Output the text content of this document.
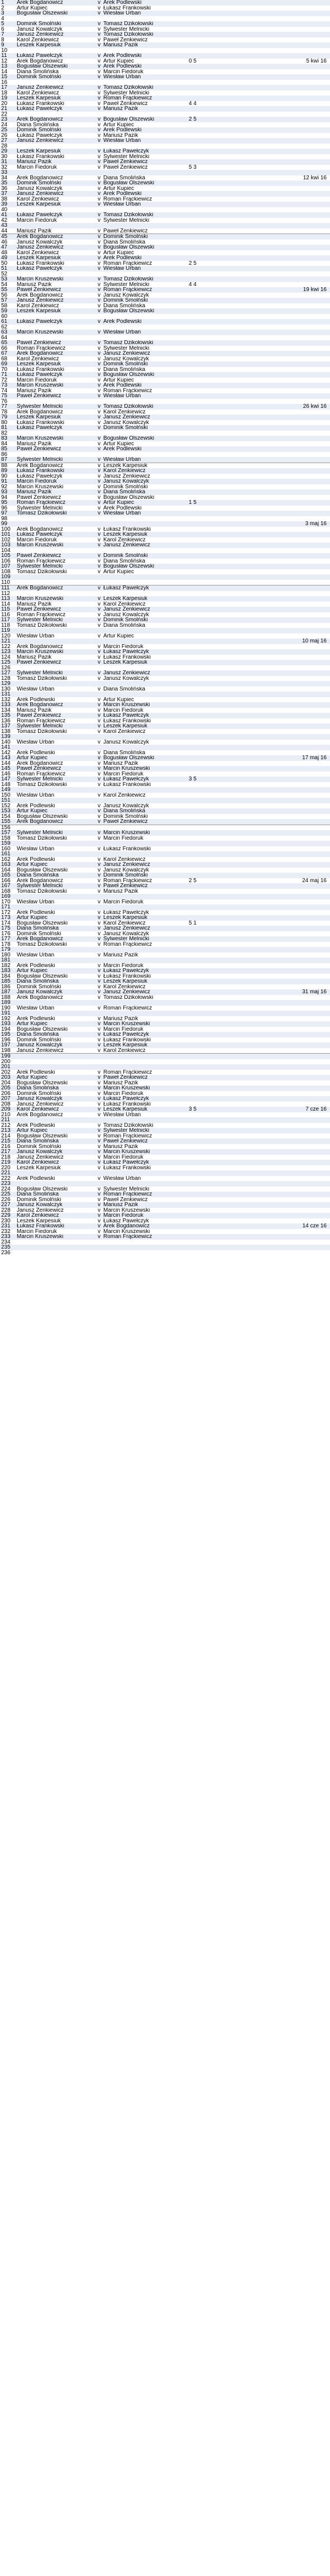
1	Arek Bogdanowicz	v Arek Podlewski
2	Artur Kupiec	v Łukasz Frankowski
3	Bogusław Olszewski	v Wiesław Urban
4
5	Dominik Smolński	v Tomasz Dzikołowski
6	Janusz Kowalczyk	v Sylwester Melnicki
7	Janusz Zenkiewicz	v Tomasz Dzikołowski
8	Karol Zenkiewicz	v Paweł Zenkiewicz
9	Leszek Karpesiuk	v Mariusz Pazik
10
11	Łukasz Pawełczyk	v Arek Podlewski
12	Arek Bogdanowicz	v Artur Kupiec	0 5	5 kwi 16
13	Bogusław Olszewski	v Arek Podlewski
14	Diana Smolińska	v Marcin Fiedoruk
15	Dominik Smolński	v Wiesław Urban
16
17	Janusz Zenkiewicz	v Tomasz Dzikołowski
18	Karol Zenkiewicz	v Sylwester Melnicki
19	Leszek Karpesiuk	v Roman Frąckiewicz
20	Łukasz Frankowski	v Paweł Zenkiewicz	4 4
21	Łukasz Pawełczyk	v Mariusz Pazik
22
23	Arek Bogdanowicz	v Bogusław Olszewski	2 5
24	Diana Smolińska	v Artur Kupiec
25	Dominik Smolński	v Arek Podlewski
26	Łukasz Pawełczyk	v Mariusz Pazik
27	Janusz Zenkiewicz	v Wiesław Urban
28
29	Leszek Karpesiuk	v Łukasz Pawełczyk
30	Łukasz Frankowski	v Sylwester Melnicki
31	Mariusz Pazik	v Paweł Zenkiewicz
32	Marcin Fiedoruk	v Paweł Zenkiewicz	5 3
33
34	Arek Bogdanowicz	v Diana Smolińska	12 kwi 16
35	Dominik Smolński	v Bogusław Olszewski
36	Janusz Kowalczyk	v Artur Kupiec
37	Janusz Zenkiewicz	v Arek Podlewski
38	Karol Zenkiewicz	v Roman Frąckiewicz
39	Leszek Karpesiuk	v Wiesław Urban
40
41	Łukasz Pawełczyk	v Tomasz Dzikołowski
42	Marcin Fiedoruk	v Sylwester Melnicki
43
44	Mariusz Pazik	v Paweł Zenkiewicz
45	Arek Bogdanowicz	v Dominik Smolński
46	Janusz Kowalczyk	v Diana Smolińska
47	Janusz Zenkiewicz	v Bogusław Olszewski
48	Karol Zenkiewicz	v Artur Kupiec
49	Leszek Karpesiuk	v Arek Podlewski
50	Łukasz Frankowski	v Roman Frąckiewicz	2 5
51	Łukasz Pawełczyk	v Wiesław Urban
52
53	Marcin Kruszewski	v Tomasz Dzikołowski
54	Mariusz Pazik	v Sylwester Melnicki	4 4
55	Paweł Zenkiewicz	v Roman Frąckiewicz	19 kwi 16
56	Arek Bogdanowicz	v Janusz Kowalczyk
57	Janusz Zenkiewicz	v Dominik Smolński
58	Karol Zenkiewicz	v Diana Smolińska
59	Leszek Karpesiuk	v Bogusław Olszewski
60
61	Łukasz Pawełczyk	v Arek Podlewski
62
63	Marcin Kruszewski	v Wiesław Urban
64
65	Paweł Zenkiewicz	v Tomasz Dzikołowski
66	Roman Frąckiewicz	v Sylwester Melnicki
67	Arek Bogdanowicz	v Janusz Zenkiewicz
68	Karol Zenkiewicz	v Janusz Kowalczyk
69	Leszek Karpesiuk	v Dominik Smolński
70	Łukasz Frankowski	v Diana Smolińska
71	Łukasz Pawełczyk	v Bogusław Olszewski
72	Marcin Fiedoruk	v Artur Kupiec
73	Marcin Kruszewski	v Arek Podlewski
74	Mariusz Pazik	v Roman Frąckiewicz
75	Paweł Zenkiewicz	v Wiesław Urban
76
77	Sylwester Melnicki	v Tomasz Dzikołowski	26 kwi 16
78	Arek Bogdanowicz	v Karol Zenkiewicz
79	Leszek Karpesiuk	v Janusz Zenkiewicz
80	Łukasz Frankowski	v Janusz Kowalczyk
81	Łukasz Pawełczyk	v Dominik Smolński
82
83	Marcin Kruszewski	v Bogusław Olszewski
84	Mariusz Pazik	v Artur Kupiec
85	Paweł Zenkiewicz	v Arek Podlewski
86
87	Sylwester Melnicki	v Wiesław Urban
88	Arek Bogdanowicz	v Leszek Karpesiuk
89	Łukasz Frankowski	v Karol Zenkiewicz
90	Łukasz Pawełczyk	v Janusz Zenkiewicz
91	Marcin Fiedoruk	v Janusz Kowalczyk
92	Marcin Kruszewski	v Dominik Smolński
93	Mariusz Pazik	v Diana Smolińska
94	Paweł Zenkiewicz	v Bogusław Olszewski
95	Roman Frąckiewicz	v Artur Kupiec	1 5
96	Sylwester Melnicki	v Arek Podlewski
97	Tomasz Dzikołowski	v Wiesław Urban
98
99	3 maj 16
100	Arek Bogdanowicz	v Łukasz Frankowski
101	Łukasz Pawełczyk	v Leszek Karpesiuk
102	Marcin Fiedoruk	v Karol Zenkiewicz
103	Marcin Kruszewski	v Janusz Zenkiewicz
104
105	Paweł Zenkiewicz	v Dominik Smolński
106	Roman Frąckiewicz	v Diana Smolińska
107	Sylwester Melnicki	v Bogusław Olszewski
108	Tomasz Dzikołowski	v Artur Kupiec
109
110
111	Arek Bogdanowicz	v Łukasz Pawełczyk
112
113	Marcin Kruszewski	v Leszek Karpesiuk
114	Mariusz Pazik	v Karol Zenkiewicz
115	Paweł Zenkiewicz	v Janusz Zenkiewicz
116	Roman Frąckiewicz	v Janusz Kowalczyk
117	Sylwester Melnicki	v Dominik Smolński
118	Tomasz Dzikołowski	v Diana Smolińska
119
120	Wiesław Urban	v Artur Kupiec
121	10 maj 16
122	Arek Bogdanowicz	v Marcin Fiedoruk
123	Marcin Kruszewski	v Łukasz Pawełczyk
124	Mariusz Pazik	v Łukasz Frankowski
125	Paweł Zenkiewicz	v Leszek Karpesiuk
126
127	Sylwester Melnicki	v Janusz Zenkiewicz
128	Tomasz Dzikołowski	v Janusz Kowalczyk
129
130	Wiesław Urban	v Diana Smolińska
131
132	Arek Podlewski	v Artur Kupiec
133	Arek Bogdanowicz	v Marcin Kruszewski
134	Mariusz Pazik	v Marcin Fiedoruk
135	Paweł Zenkiewicz	v Łukasz Pawełczyk
136	Roman Frąckiewicz	v Łukasz Frankowski
137	Sylwester Melnicki	v Leszek Karpesiuk
138	Tomasz Dzikołowski	v Karol Zenkiewicz
139
140	Wiesław Urban	v Janusz Kowalczyk
141
142	Arek Podlewski	v Diana Smolińska
143	Artur Kupiec	v Bogusław Olszewski	17 maj 16
144	Arek Bogdanowicz	v Mariusz Pazik
145	Paweł Zenkiewicz	v Marcin Kruszewski
146	Roman Frąckiewicz	v Marcin Fiedoruk
147	Sylwester Melnicki	v Łukasz Pawełczyk	3 5
148	Tomasz Dzikołowski	v Łukasz Frankowski
149
150	Wiesław Urban	v Karol Zenkiewicz
151
152	Arek Podlewski	v Janusz Kowalczyk
153	Artur Kupiec	v Diana Smolińska
154	Bogusław Olszewski	v Dominik Smolński
155	Arek Bogdanowicz	v Paweł Zenkiewicz
156
157	Sylwester Melnicki	v Marcin Kruszewski
158	Tomasz Dzikołowski	v Marcin Fiedoruk
159
160	Wiesław Urban	v Łukasz Frankowski
161
162	Arek Podlewski	v Karol Zenkiewicz
163	Artur Kupiec	v Janusz Zenkiewicz
164	Bogusław Olszewski	v Janusz Kowalczyk
165	Diana Smolińska	v Dominik Smolński
166	Arek Bogdanowicz	v Roman Frąckiewicz	2 5	24 maj 16
167	Sylwester Melnicki	v Paweł Zenkiewicz
168	Tomasz Dzikołowski	v Mariusz Pazik
169
170	Wiesław Urban	v Marcin Fiedoruk
171
172	Arek Podlewski	v Łukasz Pawełczyk
173	Artur Kupiec	v Leszek Karpesiuk
174	Bogusław Olszewski	v Karol Zenkiewicz	5 1
175	Diana Smolińska	v Janusz Zenkiewicz
176	Dominik Smolński	v Janusz Kowalczyk
177	Arek Bogdanowicz	v Sylwester Melnicki
178	Tomasz Dzikołowski	v Roman Frąckiewicz
179
180	Wiesław Urban	v Mariusz Pazik
181
182	Arek Podlewski	v Marcin Fiedoruk
183	Artur Kupiec	v Łukasz Pawełczyk
184	Bogusław Olszewski	v Łukasz Frankowski
185	Diana Smolińska	v Leszek Karpesiuk
186	Dominik Smolński	v Karol Zenkiewicz
187	Janusz Kowalczyk	v Janusz Zenkiewicz	31 maj 16
188	Arek Bogdanowicz	v Tomasz Dzikołowski
189
190	Wiesław Urban	v Roman Frąckiewicz
191
192	Arek Podlewski	v Mariusz Pazik
193	Artur Kupiec	v Marcin Kruszewski
194	Bogusław Olszewski	v Marcin Fiedoruk
195	Diana Smolińska	v Łukasz Pawełczyk
196	Dominik Smolński	v Łukasz Frankowski
197	Janusz Kowalczyk	v Leszek Karpesiuk
198	Janusz Zenkiewicz	v Karol Zenkiewicz
199
200
201
202	Arek Podlewski	v Roman Frąckiewicz
203	Artur Kupiec	v Paweł Zenkiewicz
204	Bogusław Olszewski	v Mariusz Pazik
205	Diana Smolińska	v Marcin Kruszewski
206	Dominik Smolński	v Marcin Fiedoruk
207	Janusz Kowalczyk	v Łukasz Pawełczyk
208	Janusz Zenkiewicz	v Łukasz Frankowski
209	Karol Zenkiewicz	v Leszek Karpesiuk	3 5	7 cze 16
210	Arek Bogdanowicz	v Wiesław Urban
211
212	Arek Podlewski	v Tomasz Dzikołowski
213	Artur Kupiec	v Sylwester Melnicki
214	Bogusław Olszewski	v Roman Frąckiewicz
215	Diana Smolińska	v Paweł Zenkiewicz
216	Dominik Smolński	v Mariusz Pazik
217	Janusz Kowalczyk	v Marcin Kruszewski
218	Janusz Zenkiewicz	v Marcin Fiedoruk
219	Karol Zenkiewicz	v Łukasz Pawełczyk
220	Leszek Karpesiuk	v Łukasz Frankowski
221
222	Arek Podlewski	v Wiesław Urban
223
224	Bogusław Olszewski	v Sylwester Melnicki
225	Diana Smolińska	v Roman Frąckiewicz
226	Dominik Smolński	v Paweł Zenkiewicz
227	Janusz Kowalczyk	v Mariusz Pazik
228	Janusz Zenkiewicz	v Marcin Kruszewski
229	Karol Zenkiewicz	v Marcin Fiedoruk
230	Leszek Karpesiuk	v Łukasz Pawełczyk
231	Łukasz Frankowski	v Arek Bogdanowicz	14 cze 16
232	Marcin Fiedoruk	v Marcin Kruszewski
233	Marcin Kruszewski	v Roman Frąckiewicz
234
235
236
